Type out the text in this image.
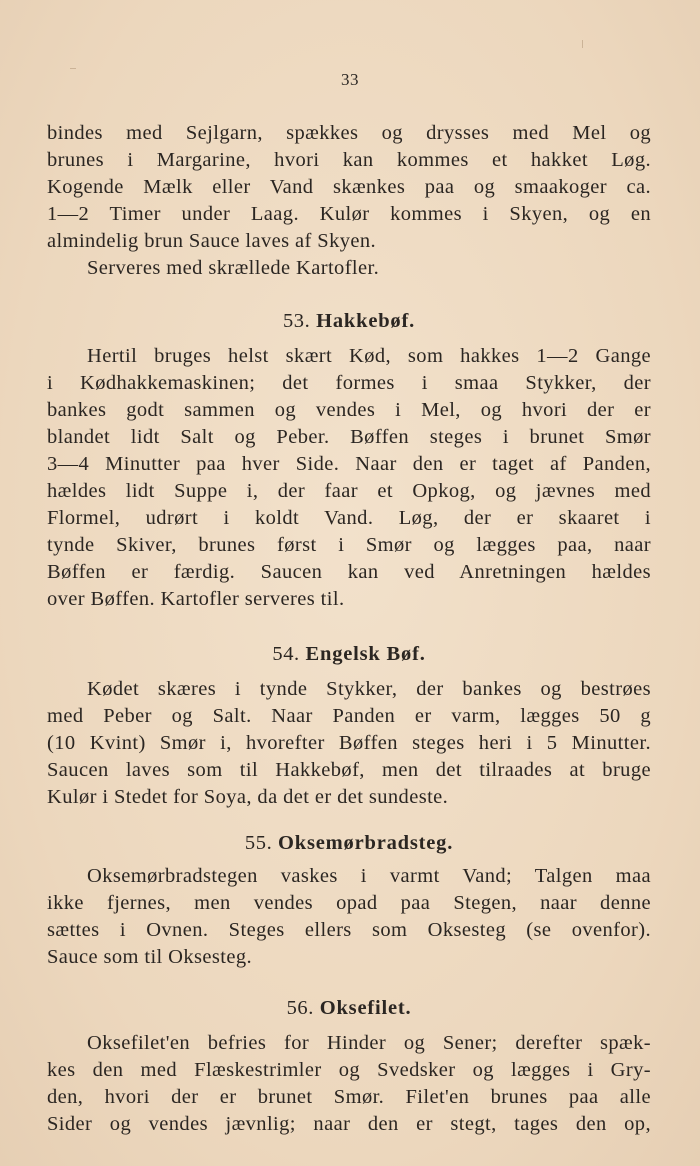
33
bindes med Sejlgarn, spækkes og drysses med Mel og
brunes i Margarine, hvori kan kommes et hakket Løg.
Kogende Mælk eller Vand skænkes paa og smaakoger ca.
1—2 Timer under Laag. Kulør kommes i Skyen, og en
almindelig brun Sauce laves af Skyen.
Serveres med skrællede Kartofler.
53. Hakkebøf.
Hertil bruges helst skært Kød, som hakkes 1—2 Gange
i Kødhakkemaskinen; det formes i smaa Stykker, der
bankes godt sammen og vendes i Mel, og hvori der er
blandet lidt Salt og Peber. Bøffen steges i brunet Smør
3—4 Minutter paa hver Side. Naar den er taget af Panden,
hældes lidt Suppe i, der faar et Opkog, og jævnes med
Flormel, udrørt i koldt Vand. Løg, der er skaaret i
tynde Skiver, brunes først i Smør og lægges paa, naar
Bøffen er færdig. Saucen kan ved Anretningen hældes
over Bøffen. Kartofler serveres til.
54. Engelsk Bøf.
Kødet skæres i tynde Stykker, der bankes og bestrøes
med Peber og Salt. Naar Panden er varm, lægges 50 g
(10 Kvint) Smør i, hvorefter Bøffen steges heri i 5 Minutter.
Saucen laves som til Hakkebøf, men det tilraades at bruge
Kulør i Stedet for Soya, da det er det sundeste.
55. Oksemørbradsteg.
Oksemørbradstegen vaskes i varmt Vand; Talgen maa
ikke fjernes, men vendes opad paa Stegen, naar denne
sættes i Ovnen. Steges ellers som Oksesteg (se ovenfor).
Sauce som til Oksesteg.
56. Oksefilet.
Oksefilet'en befries for Hinder og Sener; derefter spæk-
kes den med Flæskestrimler og Svedsker og lægges i Gry-
den, hvori der er brunet Smør. Filet'en brunes paa alle
Sider og vendes jævnlig; naar den er stegt, tages den op,
